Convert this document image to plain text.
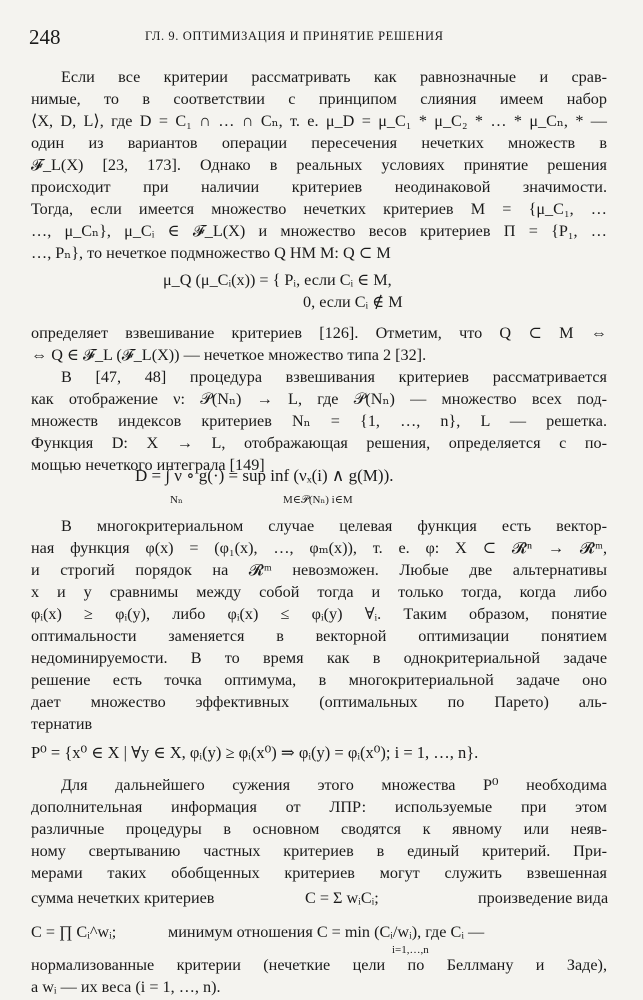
248	ГЛ. 9. ОПТИМИЗАЦИЯ И ПРИНЯТИЕ РЕШЕНИЯ
Если все критерии рассматривать как равнозначные и срав-
нимые, то в соответствии с принципом слияния имеем набор
⟨X, D, L⟩, где D = C₁ ∩ … ∩ Cₙ, т. е. μ_D = μ_C₁ * μ_C₂ * … * μ_Cₙ, * —
один из вариантов операции пересечения нечетких множеств в
𝓕_L(X) [23, 173]. Однако в реальных условиях принятие решения
происходит при наличии критериев неодинаковой значимости.
Тогда, если имеется множество нечетких критериев M = {μ_C₁, …
…, μ_Cₙ}, μ_Cᵢ ∈ 𝓕_L(X) и множество весов критериев Π = {P₁, …
…, Pₙ}, то нечеткое подмножество Q НМ M: Q ⊂ M
μ_Q (μ_Cᵢ(x)) = { Pᵢ, если Cᵢ ∈ M,
0, если Cᵢ ∉ M
определяет взвешивание критериев [126]. Отметим, что Q ⊂ M ⇔
⇔ Q ∈ 𝓕_L (𝓕_L(X)) — нечеткое множество типа 2 [32].
В [47, 48] процедура взвешивания критериев рассматривается
как отображение ν: 𝒫(Nₙ) → L, где 𝒫(Nₙ) — множество всех под-
множеств индексов критериев Nₙ = {1, …, n}, L — решетка.
Функция D: X → L, отображающая решения, определяется с по-
мощью нечеткого интеграла [149]
D = ∫ ν ∘ g(·) = sup inf (νₓ(i) ∧ g(M)).
Nₙ	M∈𝒫(Nₙ) i∈M
В многокритериальном случае целевая функция есть вектор-
ная функция φ(x) = (φ₁(x), …, φₘ(x)), т. е. φ: X ⊂ 𝓡ⁿ → 𝓡ᵐ,
и строгий порядок на 𝓡ᵐ невозможен. Любые две альтернативы
x и y сравнимы между собой тогда и только тогда, когда либо
φᵢ(x) ≥ φᵢ(y), либо φᵢ(x) ≤ φᵢ(y) ∀ᵢ. Таким образом, понятие
оптимальности заменяется в векторной оптимизации понятием
недоминируемости. В то время как в однокритериальной задаче
решение есть точка оптимума, в многокритериальной задаче оно
дает множество эффективных (оптимальных по Парето) аль-
тернатив
P⁰ = {x⁰ ∈ X | ∀y ∈ X, φᵢ(y) ≥ φᵢ(x⁰) ⇒ φᵢ(y) = φᵢ(x⁰); i = 1, …, n}.
Для дальнейшего сужения этого множества P⁰ необходима
дополнительная информация от ЛПР: используемые при этом
различные процедуры в основном сводятся к явному или неяв-
ному свертыванию частных критериев в единый критерий. При-
мерами таких обобщенных критериев могут служить взвешенная
сумма нечетких критериев	C = Σ wᵢCᵢ;	произведение вида
C = ∏ Cᵢ^wᵢ;	минимум отношения C = min (Cᵢ/wᵢ), где Cᵢ —
i=1,…,n
нормализованные критерии (нечеткие цели по Беллману и Заде),
а wᵢ — их веса (i = 1, …, n).
